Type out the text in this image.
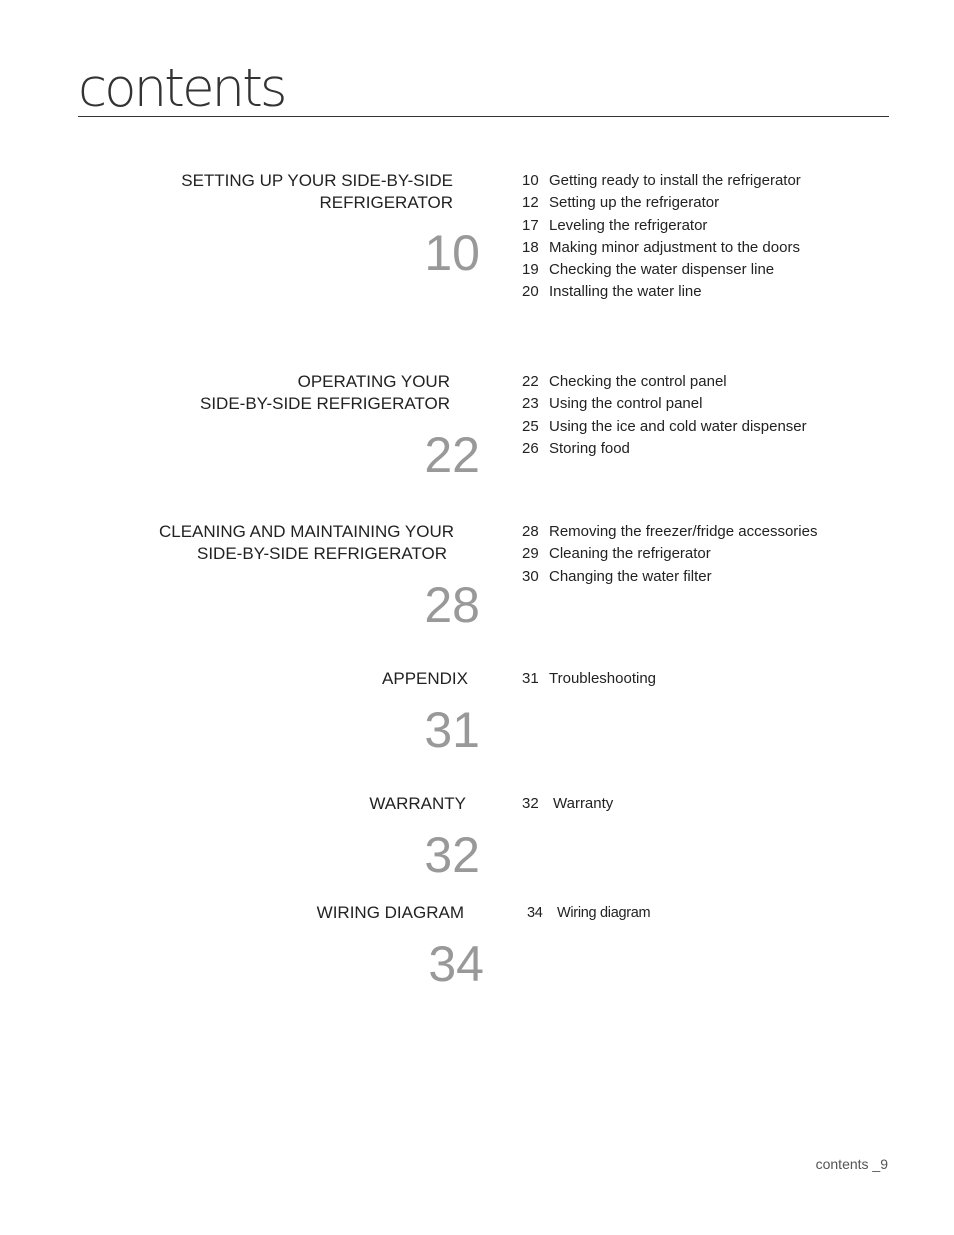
contents
SETTING UP YOUR SIDE-BY-SIDE
REFRIGERATOR
10
10 Getting ready to install the refrigerator
12 Setting up the refrigerator
17 Leveling the refrigerator
18 Making minor adjustment to the doors
19 Checking the water dispenser line
20 Installing the water line
OPERATING YOUR
SIDE-BY-SIDE REFRIGERATOR
22
22 Checking the control panel
23 Using the control panel
25 Using the ice and cold water dispenser
26 Storing food
CLEANING AND MAINTAINING YOUR
SIDE-BY-SIDE REFRIGERATOR
28
28 Removing the freezer/fridge accessories
29 Cleaning the refrigerator
30 Changing the water filter
APPENDIX
31
31 Troubleshooting
WARRANTY
32
32 Warranty
WIRING DIAGRAM
34
34 Wiring diagram
contents _9
